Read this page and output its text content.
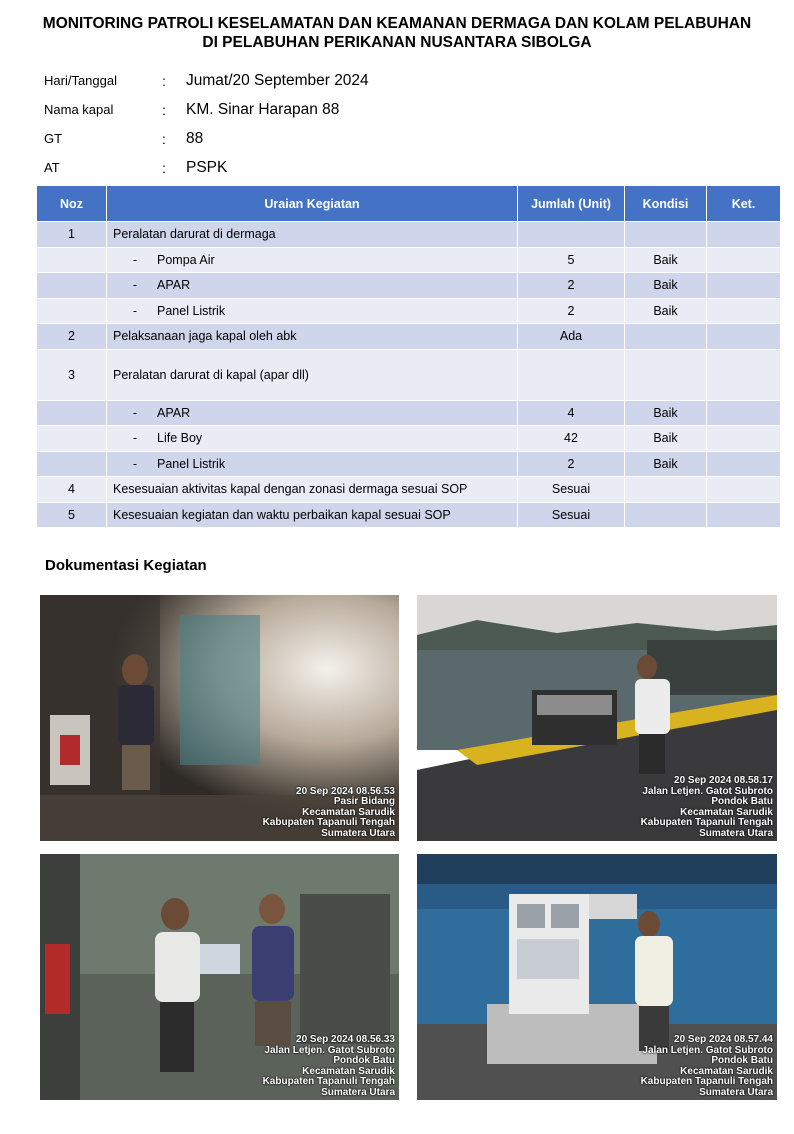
MONITORING PATROLI KESELAMATAN DAN KEAMANAN DERMAGA DAN KOLAM PELABUHAN
DI PELABUHAN PERIKANAN NUSANTARA SIBOLGA
Hari/Tanggal	:	Jumat/20 September 2024
Nama kapal	:	KM. Sinar Harapan 88
GT	:	88
AT	:	PSPK
Noz	Uraian Kegiatan	Jumlah (Unit)	Kondisi	Ket.
1	Peralatan darurat di dermaga			

	- Pompa Air	5	Baik	

	- APAR	2	Baik	

	- Panel Listrik	2	Baik	
2	Pelaksanaan jaga kapal oleh abk	Ada		
3	Peralatan darurat di kapal (apar dll)			

	- APAR	4	Baik	

	- Life Boy	42	Baik	

	- Panel Listrik	2	Baik	
4	Kesesuaian aktivitas kapal dengan zonasi dermaga sesuai SOP	Sesuai		
5	Kesesuaian kegiatan dan waktu perbaikan kapal sesuai SOP	Sesuai		
Dokumentasi Kegiatan
20 Sep 2024 08.56.53
Pasir Bidang
Kecamatan Sarudik
Kabupaten Tapanuli Tengah
Sumatera Utara
20 Sep 2024 08.58.17
Jalan Letjen. Gatot Subroto
Pondok Batu
Kecamatan Sarudik
Kabupaten Tapanuli Tengah
Sumatera Utara
20 Sep 2024 08.56.33
Jalan Letjen. Gatot Subroto
Pondok Batu
Kecamatan Sarudik
Kabupaten Tapanuli Tengah
Sumatera Utara
20 Sep 2024 08.57.44
Jalan Letjen. Gatot Subroto
Pondok Batu
Kecamatan Sarudik
Kabupaten Tapanuli Tengah
Sumatera Utara
